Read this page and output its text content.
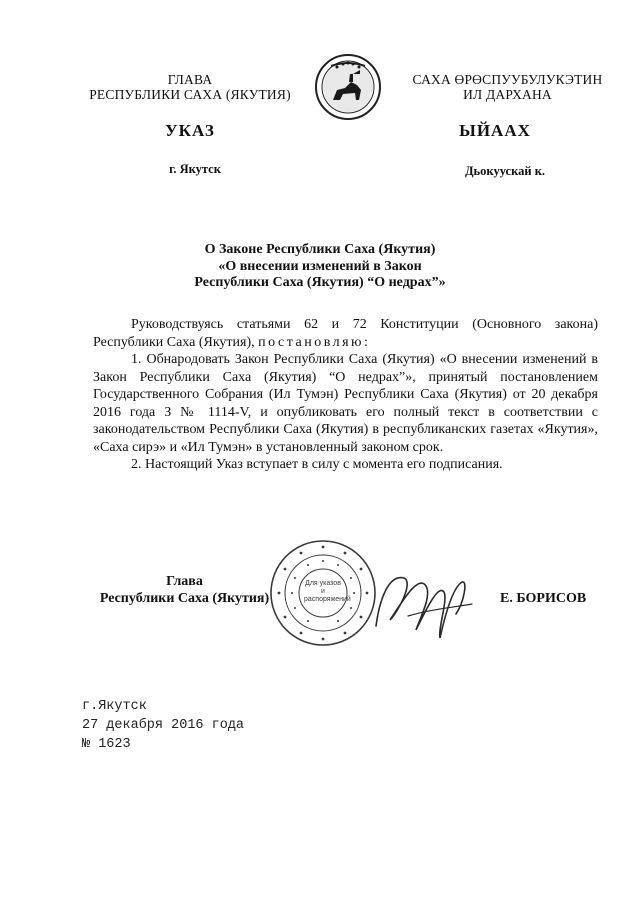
ГЛАВА
РЕСПУБЛИКИ САХА (ЯКУТИЯ)
САХА ӨРӨСПУУБУЛУКЭТИН
ИЛ ДАРХАНА
УКАЗ	ЫЙААХ
г. Якутск	Дьокуускай к.
О Законе Республики Саха (Якутия)
«О внесении изменений в Закон
Республики Саха (Якутия) “О недрах”»

Руководствуясь статьями 62 и 72 Конституции (Основного закона) Республики Саха (Якутия), постановляю:

1. Обнародовать Закон Республики Саха (Якутия) «О внесении изменений в Закон Республики Саха (Якутия) “О недрах”», принятый постановлением Государственного Собрания (Ил Тумэн) Республики Саха (Якутия) от 20 декабря 2016 года З № 1114-V, и опубликовать его полный текст в соответствии с законодательством Республики Саха (Якутия) в республиканских газетах «Якутия», «Саха сирэ» и «Ил Тумэн» в установленный законом срок.

2. Настоящий Указ вступает в силу с момента его подписания.

Глава
Республики Саха (Якутия)	Е. БОРИСОВ
Для указов и распоряжений
г.Якутск
27 декабря 2016 года
№ 1623
